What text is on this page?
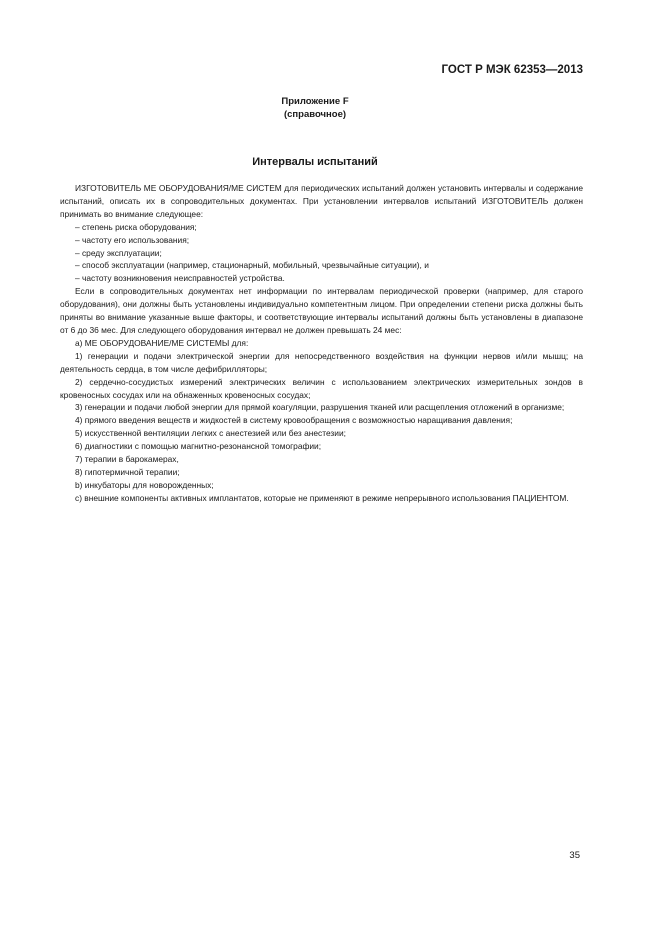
ГОСТ Р МЭК 62353—2013
Приложение F
(справочное)
Интервалы испытаний

ИЗГОТОВИТЕЛЬ МЕ ОБОРУДОВАНИЯ/МЕ СИСТЕМ для периодических испытаний должен установить интервалы и содержание испытаний, описать их в сопроводительных документах. При установлении интервалов испытаний ИЗГОТОВИТЕЛЬ должен принимать во внимание следующее:

– степень риска оборудования;

– частоту его использования;

– среду эксплуатации;

– способ эксплуатации (например, стационарный, мобильный, чрезвычайные ситуации), и

– частоту возникновения неисправностей устройства.

Если в сопроводительных документах нет информации по интервалам периодической проверки (например, для старого оборудования), они должны быть установлены индивидуально компетентным лицом. При определении степени риска должны быть приняты во внимание указанные выше факторы, и соответствующие интервалы испытаний должны быть установлены в диапазоне от 6 до 36 мес. Для следующего оборудования интервал не должен превышать 24 мес:

а) МЕ ОБОРУДОВАНИЕ/МЕ СИСТЕМЫ для:

1) генерации и подачи электрической энергии для непосредственного воздействия на функции нервов и/или мышц; на деятельность сердца, в том числе дефибрилляторы;

2) сердечно-сосудистых измерений электрических величин с использованием электрических измерительных зондов в кровеносных сосудах или на обнаженных кровеносных сосудах;

3) генерации и подачи любой энергии для прямой коагуляции, разрушения тканей или расщепления отложений в организме;

4) прямого введения веществ и жидкостей в систему кровообращения с возможностью наращивания давления;

5) искусственной вентиляции легких с анестезией или без анестезии;

6) диагностики с помощью магнитно-резонансной томографии;

7) терапии в барокамерах,

8) гипотермичной терапии;

b) инкубаторы для новорожденных;

с) внешние компоненты активных имплантатов, которые не применяют в режиме непрерывного использования ПАЦИЕНТОМ.

35
